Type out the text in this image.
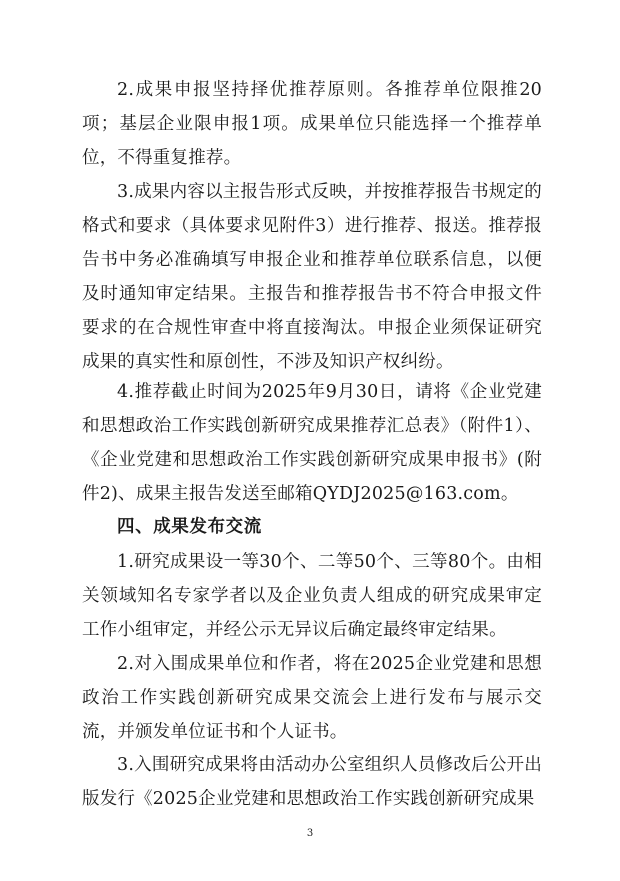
2.成果申报坚持择优推荐原则。各推荐单位限推20项；基层企业限申报1项。成果单位只能选择一个推荐单位，不得重复推荐。

3.成果内容以主报告形式反映，并按推荐报告书规定的格式和要求（具体要求见附件3）进行推荐、报送。推荐报告书中务必准确填写申报企业和推荐单位联系信息，以便及时通知审定结果。主报告和推荐报告书不符合申报文件要求的在合规性审查中将直接淘汰。申报企业须保证研究成果的真实性和原创性，不涉及知识产权纠纷。

4.推荐截止时间为2025年9月30日，请将《企业党建和思想政治工作实践创新研究成果推荐汇总表》（附件1）、《企业党建和思想政治工作实践创新研究成果申报书》(附件2)、成果主报告发送至邮箱QYDJ2025@163.com。

四、成果发布交流

1.研究成果设一等30个、二等50个、三等80个。由相关领域知名专家学者以及企业负责人组成的研究成果审定工作小组审定，并经公示无异议后确定最终审定结果。

2.对入围成果单位和作者，将在2025企业党建和思想政治工作实践创新研究成果交流会上进行发布与展示交流，并颁发单位证书和个人证书。

3.入围研究成果将由活动办公室组织人员修改后公开出版发行《2025企业党建和思想政治工作实践创新研究成果

3
